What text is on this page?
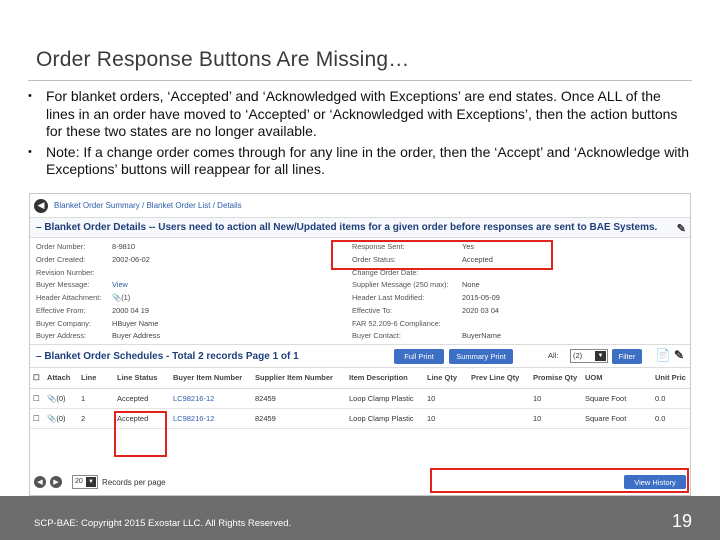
Order Response Buttons Are Missing…
• For blanket orders, ‘Accepted’ and ‘Acknowledged with Exceptions’ are end states. Once ALL of the lines in an order have moved to ‘Accepted’ or ‘Acknowledged with Exceptions’, then the action buttons for these two states are no longer available.
• Note: If a change order comes through for any line in the order, then the ‘Accept’ and ‘Acknowledge with Exceptions’ buttons will reappear for all lines.
◀	Blanket Order Summary / Blanket Order List / Details
– Blanket Order Details -- Users need to action all New/Updated items for a given order before responses are sent to BAE Systems. ✎
Order Number:	8-9810	Response Sent:	Yes
Order Created:	2002-06-02	Order Status:	Accepted
Revision Number:	Change Order Date:
Buyer Message:	View	Supplier Message (250 max):	None
Header Attachment:	📎(1)	Header Last Modified:	2015-05-09
Effective From:	2000 04 19	Effective To:	2020 03 04
Buyer Company:	HBuyer Name	FAR 52.209-6 Compliance:
Buyer Address:	Buyer Address	Buyer Contact:	BuyerName
– Blanket Order Schedules - Total 2 records Page 1 of 1	Full Print	Summary Print	All:	(2)	▼	Filter	📄 ✎
☐	Attach	Line	Line Status	Buyer Item Number	Supplier Item Number	Item Description	Line Qty	Prev Line Qty	Promise Qty	UOM	Unit Pric
☐	📎(0)	1	Accepted	LC98216-12	82459	Loop Clamp Plastic	10		10	Square Foot	0.0
☐	📎(0)	2	Accepted	LC98216-12	82459	Loop Clamp Plastic	10		10	Square Foot	0.0
◀	▶	20 ▼ Records per page	View History
SCP-BAE: Copyright 2015 Exostar LLC. All Rights Reserved.	19
